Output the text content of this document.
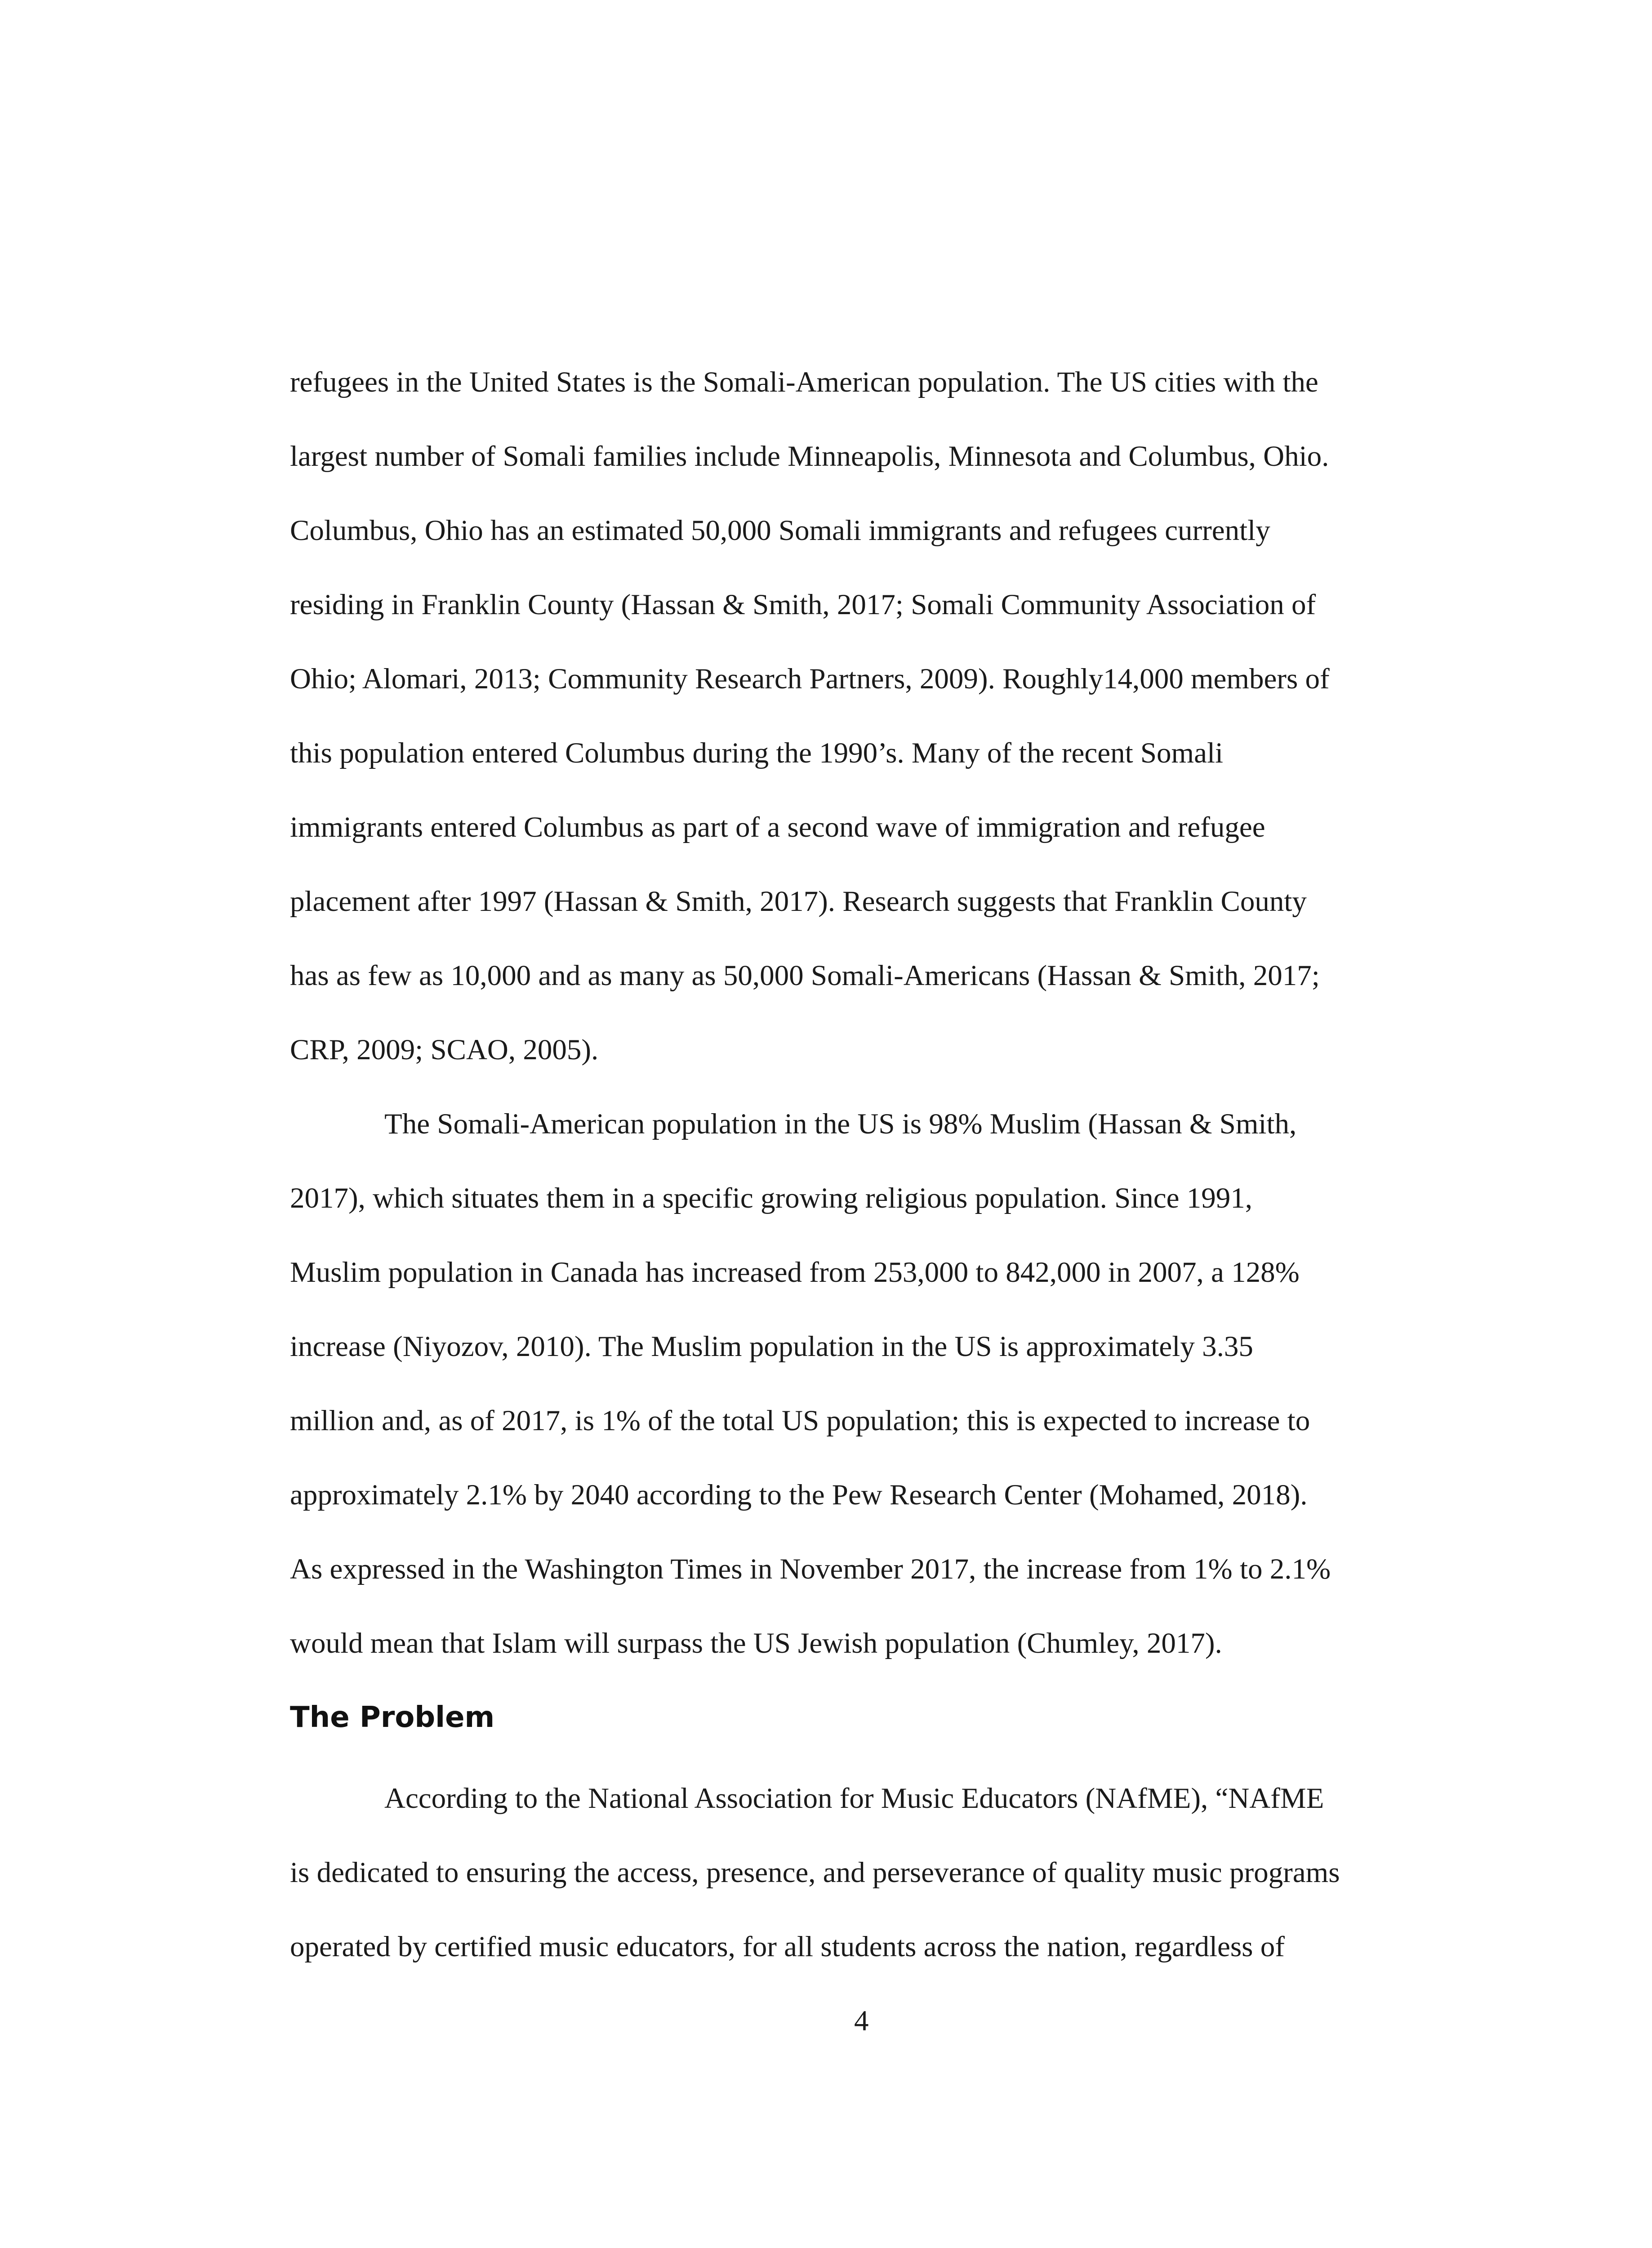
refugees in the United States is the Somali-American population. The US cities with the
largest number of Somali families include Minneapolis, Minnesota and Columbus, Ohio.
Columbus, Ohio has an estimated 50,000 Somali immigrants and refugees currently
residing in Franklin County (Hassan & Smith, 2017; Somali Community Association of
Ohio; Alomari, 2013; Community Research Partners, 2009). Roughly14,000 members of
this population entered Columbus during the 1990’s. Many of the recent Somali
immigrants entered Columbus as part of a second wave of immigration and refugee
placement after 1997 (Hassan & Smith, 2017). Research suggests that Franklin County
has as few as 10,000 and as many as 50,000 Somali-Americans (Hassan & Smith, 2017;
CRP, 2009; SCAO, 2005).
The Somali-American population in the US is 98% Muslim (Hassan & Smith,
2017), which situates them in a specific growing religious population. Since 1991,
Muslim population in Canada has increased from 253,000 to 842,000 in 2007, a 128%
increase (Niyozov, 2010). The Muslim population in the US is approximately 3.35
million and, as of 2017, is 1% of the total US population; this is expected to increase to
approximately 2.1% by 2040 according to the Pew Research Center (Mohamed, 2018).
As expressed in the Washington Times in November 2017, the increase from 1% to 2.1%
would mean that Islam will surpass the US Jewish population (Chumley, 2017).
The Problem
According to the National Association for Music Educators (NAfME), “NAfME
is dedicated to ensuring the access, presence, and perseverance of quality music programs
operated by certified music educators, for all students across the nation, regardless of
4
